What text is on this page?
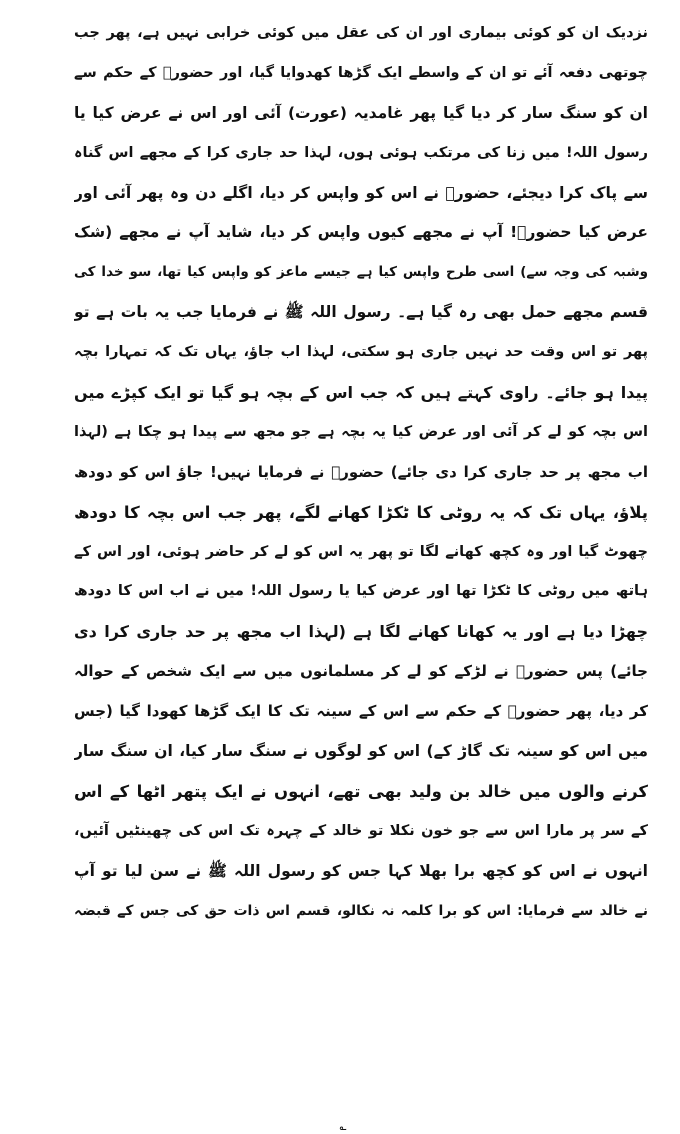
نزدیک ان کو کوئی بیماری اور ان کی عقل میں کوئی خرابی نہیں ہے، پھر جب
چوتھی دفعہ آئے تو ان کے واسطے ایک گڑھا کھدوایا گیا، اور حضورؐ کے حکم سے
ان کو سنگ سار کر دیا گیا پھر غامدیہ (عورت) آئی اور اس نے عرض کیا یا
رسول اللہ! میں زنا کی مرتکب ہوئی ہوں، لہذا حد جاری کرا کے مجھے اس گناہ
سے پاک کرا دیجئے، حضورؐ نے اس کو واپس کر دیا، اگلے دن وہ پھر آئی اور
عرض کیا حضورؐ! آپ نے مجھے کیوں واپس کر دیا، شاید آپ نے مجھے (شک
وشبہ کی وجہ سے) اسی طرح واپس کیا ہے جیسے ماعز کو واپس کیا تھا، سو خدا کی
قسم مجھے حمل بھی رہ گیا ہے۔ رسول اللہ ﷺ نے فرمایا جب یہ بات ہے تو
پھر تو اس وقت حد نہیں جاری ہو سکتی، لہذا اب جاؤ، یہاں تک کہ تمہارا بچہ
پیدا ہو جائے۔ راوی کہتے ہیں کہ جب اس کے بچہ ہو گیا تو ایک کپڑے میں
اس بچہ کو لے کر آئی اور عرض کیا یہ بچہ ہے جو مجھ سے پیدا ہو چکا ہے (لہذا
اب مجھ پر حد جاری کرا دی جائے) حضورؐ نے فرمایا نہیں! جاؤ اس کو دودھ
پلاؤ، یہاں تک کہ یہ روٹی کا ٹکڑا کھانے لگے، پھر جب اس بچہ کا دودھ
چھوٹ گیا اور وہ کچھ کھانے لگا تو پھر یہ اس کو لے کر حاضر ہوئی، اور اس کے
ہاتھ میں روٹی کا ٹکڑا تھا اور عرض کیا یا رسول اللہ! میں نے اب اس کا دودھ
چھڑا دیا ہے اور یہ کھانا کھانے لگا ہے (لہذا اب مجھ پر حد جاری کرا دی
جائے) پس حضورؐ نے لڑکے کو لے کر مسلمانوں میں سے ایک شخص کے حوالہ
کر دیا، پھر حضورؐ کے حکم سے اس کے سینہ تک کا ایک گڑھا کھودا گیا (جس
میں اس کو سینہ تک گاڑ کے) اس کو لوگوں نے سنگ سار کیا، ان سنگ سار
کرنے والوں میں خالد بن ولید بھی تھے، انہوں نے ایک پتھر اٹھا کے اس
کے سر پر مارا اس سے جو خون نکلا تو خالد کے چہرہ تک اس کی چھینٹیں آئیں،
انہوں نے اس کو کچھ برا بھلا کہا جس کو رسول اللہ ﷺ نے سن لیا تو آپ
نے خالد سے فرمایا: اس کو برا کلمہ نہ نکالو، قسم اس ذات حق کی جس کے قبضہ
؎
